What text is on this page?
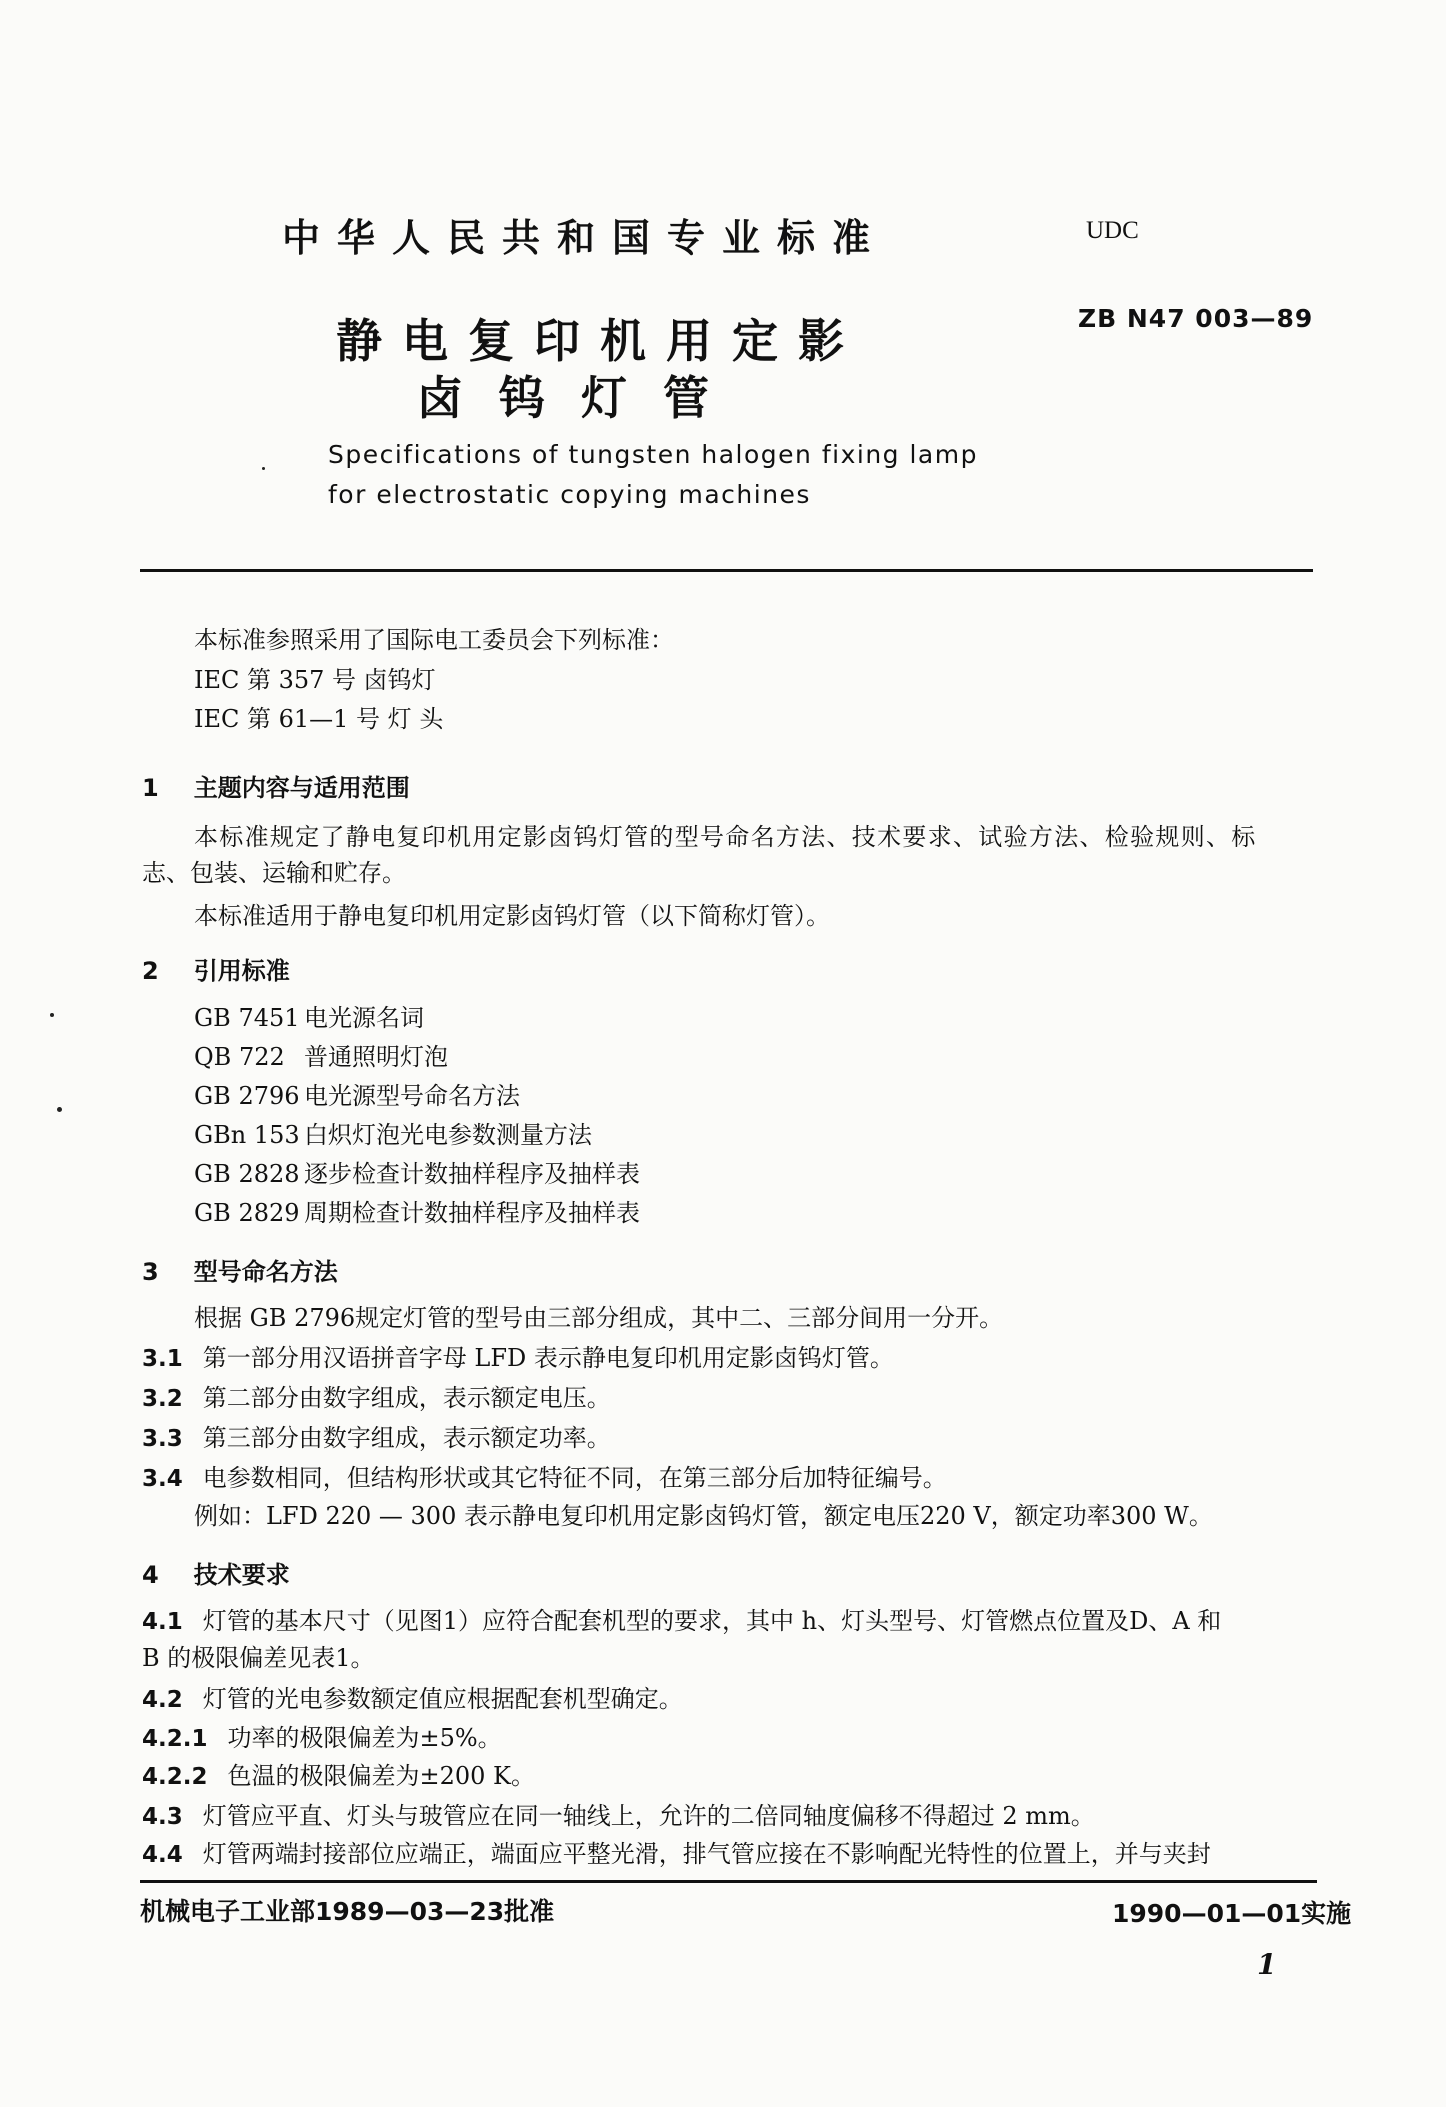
中华人民共和国专业标准	UDC
ZB N47 003—89
静电复印机用定影
卤钨灯管
Specifications of tungsten halogen fixing lamp
for electrostatic copying machines
本标准参照采用了国际电工委员会下列标准：
IEC 第 357 号 卤钨灯
IEC 第 61—1 号 灯 头
1 主题内容与适用范围
本标准规定了静电复印机用定影卤钨灯管的型号命名方法、技术要求、试验方法、检验规则、标
志、包装、运输和贮存。
本标准适用于静电复印机用定影卤钨灯管（以下简称灯管）。
2 引用标准
GB 7451 电光源名词
QB 722 普通照明灯泡
GB 2796 电光源型号命名方法
GBn 153 白炽灯泡光电参数测量方法
GB 2828 逐步检查计数抽样程序及抽样表
GB 2829 周期检查计数抽样程序及抽样表
3 型号命名方法
根据 GB 2796规定灯管的型号由三部分组成，其中二、三部分间用一分开。
3.1 第一部分用汉语拼音字母 LFD 表示静电复印机用定影卤钨灯管。
3.2 第二部分由数字组成，表示额定电压。
3.3 第三部分由数字组成，表示额定功率。
3.4 电参数相同，但结构形状或其它特征不同，在第三部分后加特征编号。
例如：LFD 220 — 300 表示静电复印机用定影卤钨灯管，额定电压220 V，额定功率300 W。
4 技术要求
4.1 灯管的基本尺寸（见图1）应符合配套机型的要求，其中 h、灯头型号、灯管燃点位置及D、A 和
B 的极限偏差见表1。
4.2 灯管的光电参数额定值应根据配套机型确定。
4.2.1 功率的极限偏差为±5%。
4.2.2 色温的极限偏差为±200 K。
4.3 灯管应平直、灯头与玻管应在同一轴线上，允许的二倍同轴度偏移不得超过 2 mm。
4.4 灯管两端封接部位应端正，端面应平整光滑，排气管应接在不影响配光特性的位置上，并与夹封
机械电子工业部1989—03—23批准	1990—01—01实施
1
